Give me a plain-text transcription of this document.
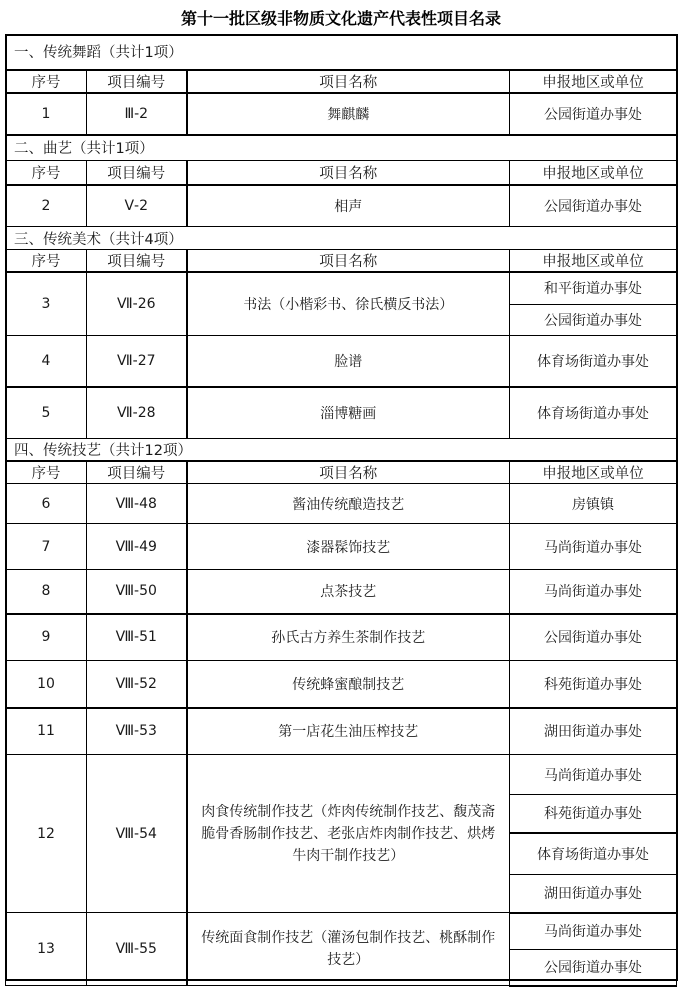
第十一批区级非物质文化遗产代表性项目名录
一、传统舞蹈（共计1项）			
序号	项目编号	项目名称	申报地区或单位
1	Ⅲ-2	舞麒麟	公园街道办事处
二、曲艺（共计1项）			
序号	项目编号	项目名称	申报地区或单位
2	Ⅴ-2	相声	公园街道办事处
三、传统美术（共计4项）			
序号	项目编号	项目名称	申报地区或单位
3	Ⅶ-26	书法（小楷彩书、徐氏横反书法）	和平街道办事处
			公园街道办事处
4	Ⅶ-27	脸谱	体育场街道办事处
5	Ⅶ-28	淄博糖画	体育场街道办事处
四、传统技艺（共计12项）			
序号	项目编号	项目名称	申报地区或单位
6	Ⅷ-48	酱油传统酿造技艺	房镇镇
7	Ⅷ-49	漆器髹饰技艺	马尚街道办事处
8	Ⅷ-50	点茶技艺	马尚街道办事处
9	Ⅷ-51	孙氏古方养生茶制作技艺	公园街道办事处
10	Ⅷ-52	传统蜂蜜酿制技艺	科苑街道办事处
11	Ⅷ-53	第一店花生油压榨技艺	湖田街道办事处
12	Ⅷ-54	肉食传统制作技艺（炸肉传统制作技艺、馥茂斋脆骨香肠制作技艺、老张店炸肉制作技艺、烘烤牛肉干制作技艺）	马尚街道办事处
			科苑街道办事处
			体育场街道办事处
			湖田街道办事处
13	Ⅷ-55	传统面食制作技艺（灌汤包制作技艺、桃酥制作技艺）	马尚街道办事处
			公园街道办事处
